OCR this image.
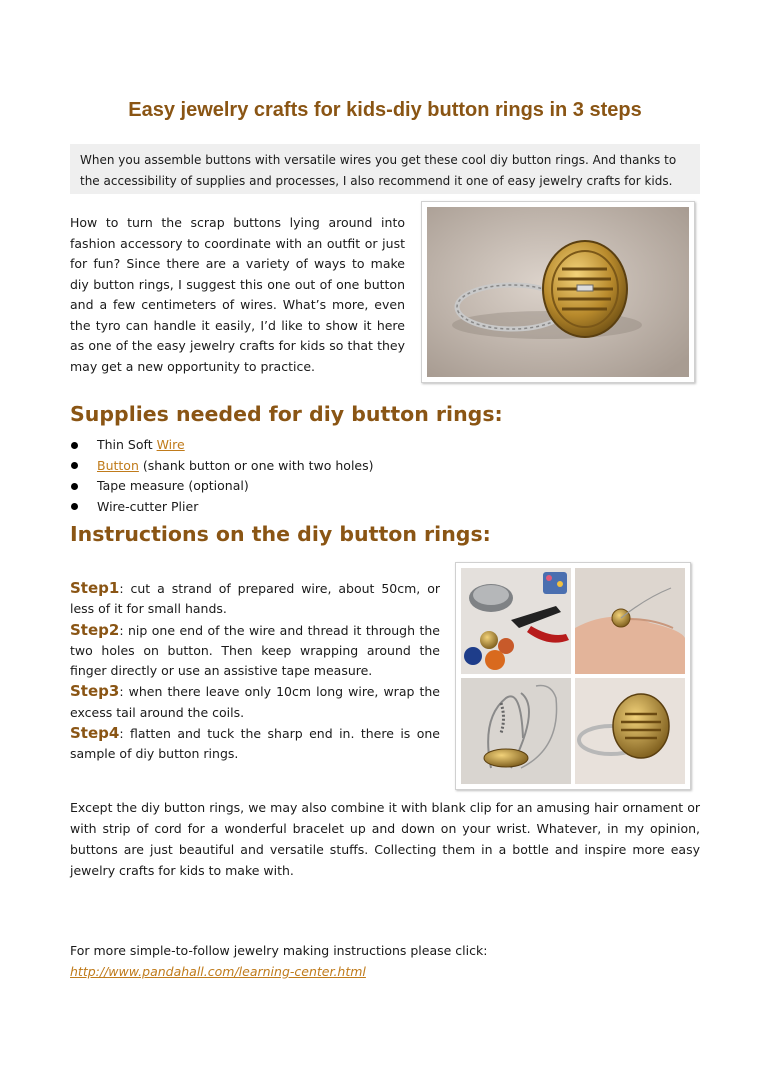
Easy jewelry crafts for kids-diy button rings in 3 steps
When you assemble buttons with versatile wires you get these cool diy button rings. And thanks to the accessibility of supplies and processes, I also recommend it one of easy jewelry crafts for kids.

How to turn the scrap buttons lying around into fashion accessory to coordinate with an outfit or just for fun? Since there are a variety of ways to make diy button rings, I suggest this one out of one button and a few centimeters of wires. What’s more, even the tyro can handle it easily, I’d like to show it here as one of the easy jewelry crafts for kids so that they may get a new opportunity to practice.

Supplies needed for diy button rings:
Thin Soft Wire
Button (shank button or one with two holes)
Tape measure (optional)
Wire-cutter Plier
Instructions on the diy button rings:

Step1: cut a strand of prepared wire, about 50cm, or less of it for small hands.
Step2: nip one end of the wire and thread it through the two holes on button. Then keep wrapping around the finger directly or use an assistive tape measure.
Step3: when there leave only 10cm long wire, wrap the excess tail around the coils.
Step4: flatten and tuck the sharp end in. there is one sample of diy button rings.

Except the diy button rings, we may also combine it with blank clip for an amusing hair ornament or with strip of cord for a wonderful bracelet up and down on your wrist. Whatever, in my opinion, buttons are just beautiful and versatile stuffs. Collecting them in a bottle and inspire more easy jewelry crafts for kids to make with.

For more simple-to-follow jewelry making instructions please click:
http://www.pandahall.com/learning-center.html
